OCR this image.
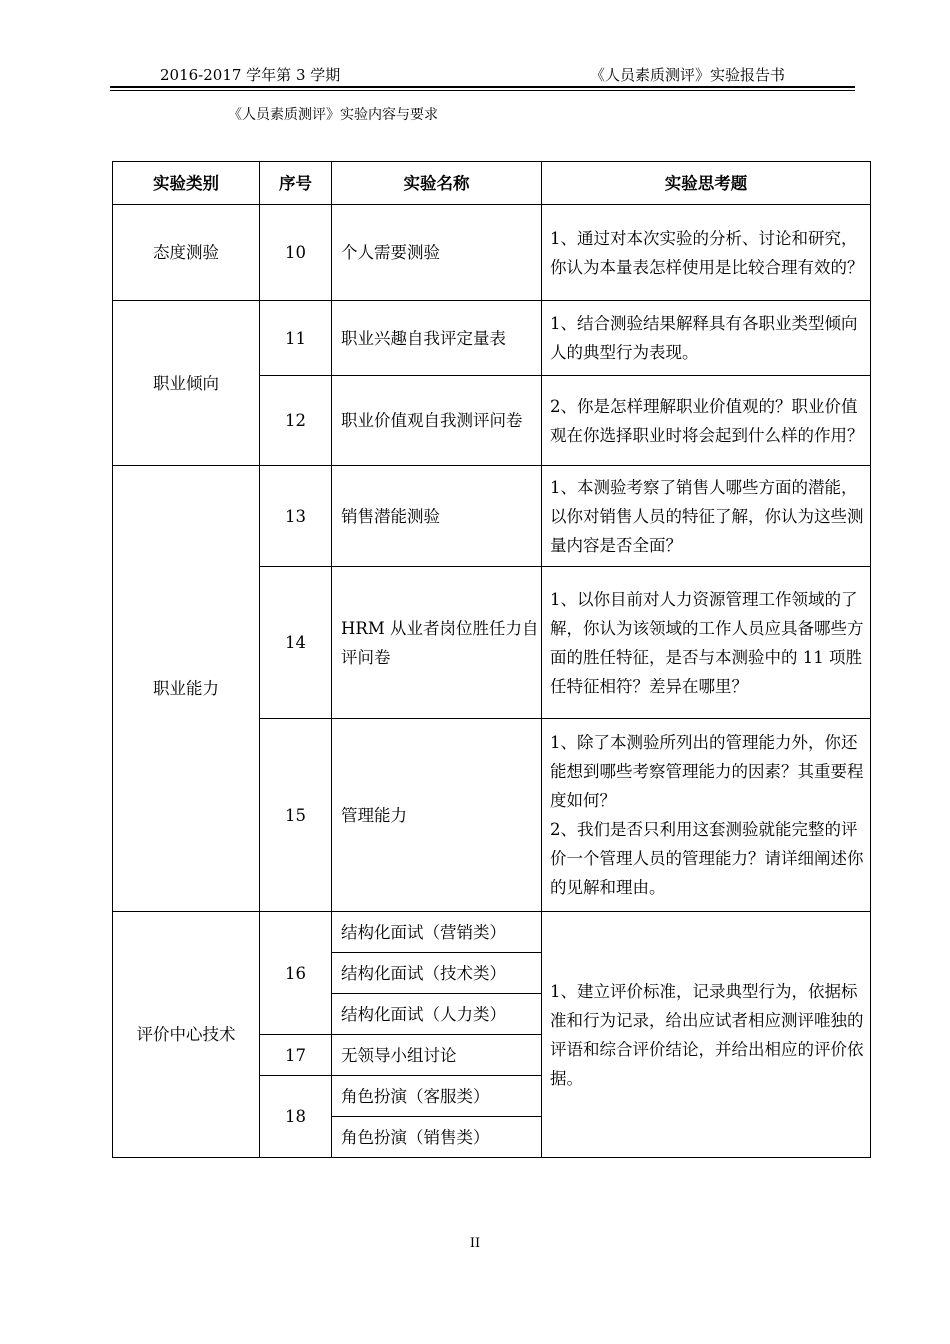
2016-2017 学年第 3 学期	《人员素质测评》实验报告书
《人员素质测评》实验内容与要求
实验类别	序号	实验名称	实验思考题
态度测验	10	个人需要测验	1、通过对本次实验的分析、讨论和研究，你认为本量表怎样使用是比较合理有效的？
职业倾向	11	职业兴趣自我评定量表	1、结合测验结果解释具有各职业类型倾向人的典型行为表现。
	12	职业价值观自我测评问卷	2、你是怎样理解职业价值观的？职业价值观在你选择职业时将会起到什么样的作用？
职业能力	13	销售潜能测验	1、本测验考察了销售人哪些方面的潜能，以你对销售人员的特征了解，你认为这些测量内容是否全面？
	14	HRM 从业者岗位胜任力自评问卷	1、以你目前对人力资源管理工作领域的了解，你认为该领域的工作人员应具备哪些方面的胜任特征，是否与本测验中的 11 项胜任特征相符？差异在哪里？
	15	管理能力	1、除了本测验所列出的管理能力外，你还能想到哪些考察管理能力的因素？其重要程度如何？
2、我们是否只利用这套测验就能完整的评价一个管理人员的管理能力？请详细阐述你的见解和理由。

评价中心技术	16	结构化面试（营销类）	1、建立评价标准，记录典型行为，依据标准和行为记录，给出应试者相应测评唯独的评语和综合评价结论，并给出相应的评价依据。
		结构化面试（技术类）	
		结构化面试（人力类）	
	17	无领导小组讨论	
	18	角色扮演（客服类）	
		角色扮演（销售类）	
II
